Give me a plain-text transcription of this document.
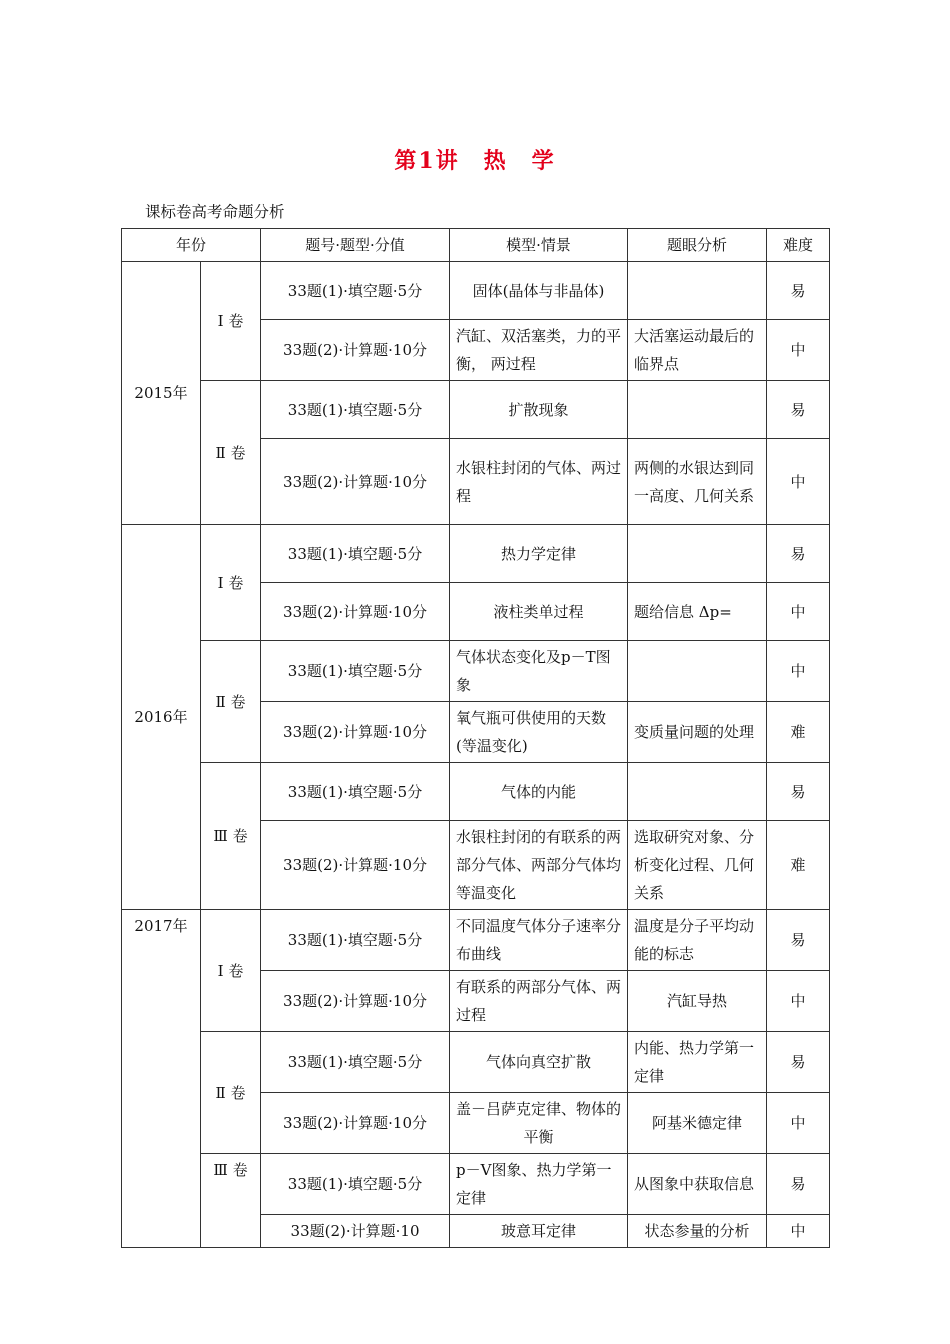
第1讲　热　学
课标卷高考命题分析
年份		题号·题型·分值	模型·情景	题眼分析	难度
2015年	Ⅰ 卷	33题(1)·填空题·5分	固体(晶体与非晶体)		易
		33题(2)·计算题·10分	汽缸、双活塞类，力的平衡， 两过程	大活塞运动最后的临界点	中
	Ⅱ 卷	33题(1)·填空题·5分	扩散现象		易
		33题(2)·计算题·10分	水银柱封闭的气体、两过程	两侧的水银达到同一高度、几何关系	中
2016年	Ⅰ 卷	33题(1)·填空题·5分	热力学定律		易
		33题(2)·计算题·10分	液柱类单过程	题给信息 Δp=	中
	Ⅱ 卷	33题(1)·填空题·5分	气体状态变化及p－T图象		中
		33题(2)·计算题·10分	氧气瓶可供使用的天数(等温变化)	变质量问题的处理	难
	Ⅲ 卷	33题(1)·填空题·5分	气体的内能		易
		33题(2)·计算题·10分	水银柱封闭的有联系的两部分气体、两部分气体均等温变化	选取研究对象、分析变化过程、几何关系	难
2017年	Ⅰ 卷	33题(1)·填空题·5分	不同温度气体分子速率分布曲线	温度是分子平均动能的标志	易
		33题(2)·计算题·10分	有联系的两部分气体、两过程	汽缸导热	中
	Ⅱ 卷	33题(1)·填空题·5分	气体向真空扩散	内能、热力学第一定律	易
		33题(2)·计算题·10分	盖－吕萨克定律、物体的平衡	阿基米德定律	中
	Ⅲ 卷	33题(1)·填空题·5分	p－V图象、热力学第一定律	从图象中获取信息	易
		33题(2)·计算题·10	玻意耳定律	状态参量的分析	中
